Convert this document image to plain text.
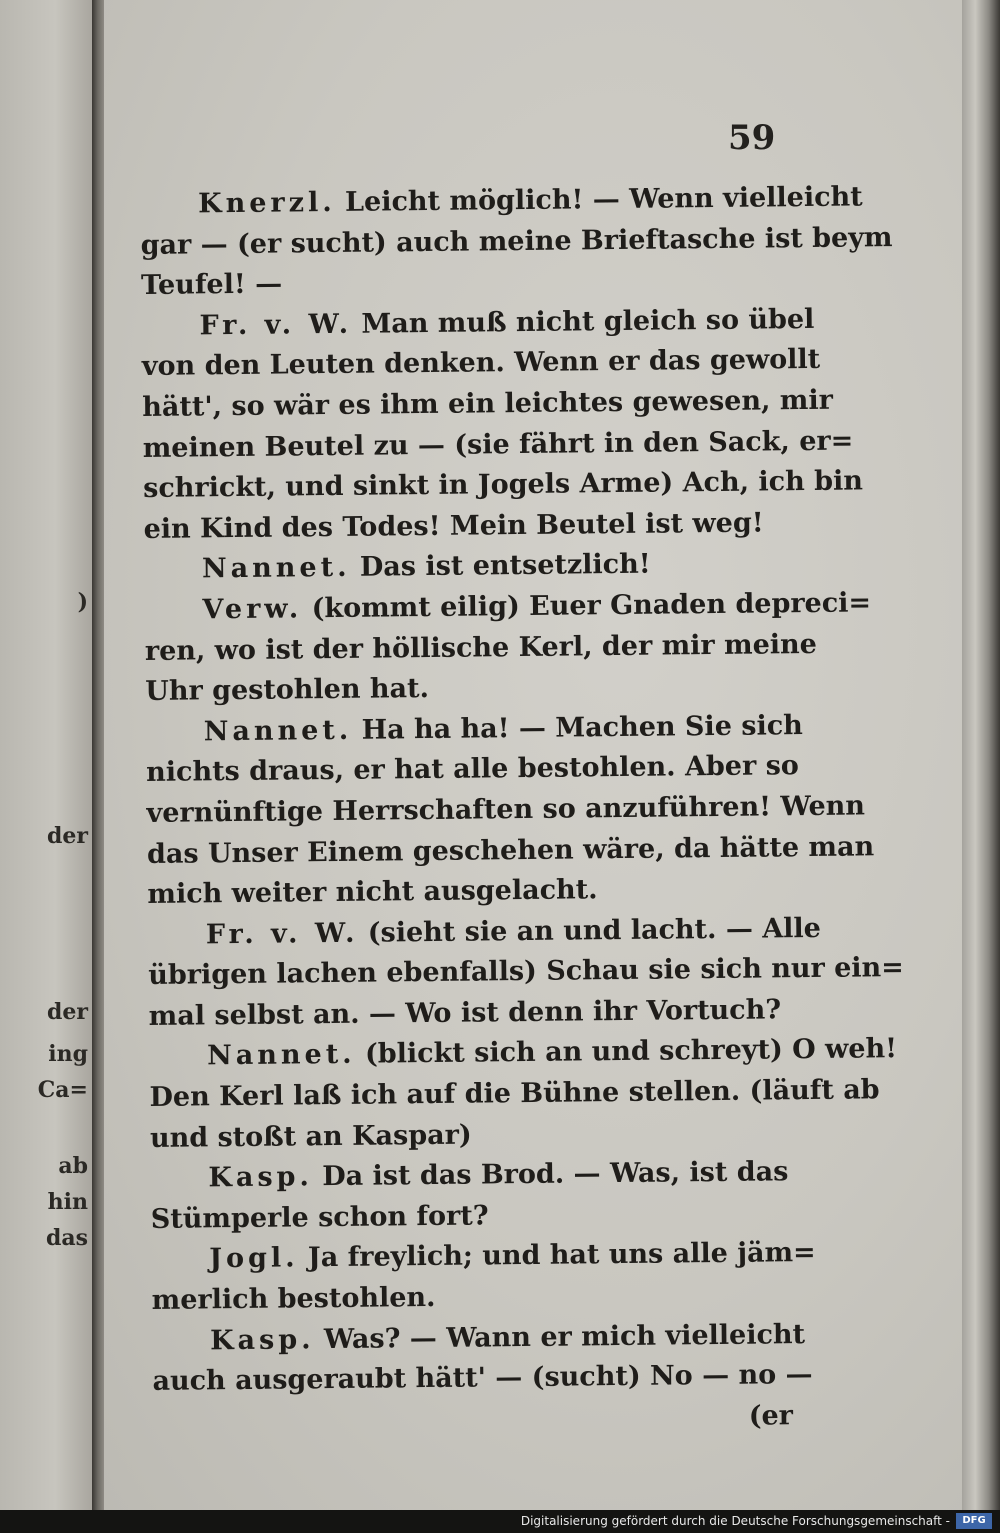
)
der
der
ing
Ca=
ab
hin
das
59
Knerzl. Leicht möglich! — Wenn vielleicht
gar — (er sucht) auch meine Brieftasche ist beym
Teufel! —
Fr. v. W. Man muß nicht gleich so übel
von den Leuten denken. Wenn er das gewollt
hätt', so wär es ihm ein leichtes gewesen, mir
meinen Beutel zu — (sie fährt in den Sack, er=
schrickt, und sinkt in Jogels Arme) Ach, ich bin
ein Kind des Todes! Mein Beutel ist weg!
Nannet. Das ist entsetzlich!
Verw. (kommt eilig) Euer Gnaden depreci=
ren, wo ist der höllische Kerl, der mir meine
Uhr gestohlen hat.
Nannet. Ha ha ha! — Machen Sie sich
nichts draus, er hat alle bestohlen. Aber so
vernünftige Herrschaften so anzuführen! Wenn
das Unser Einem geschehen wäre, da hätte man
mich weiter nicht ausgelacht.
Fr. v. W. (sieht sie an und lacht. — Alle
übrigen lachen ebenfalls) Schau sie sich nur ein=
mal selbst an. — Wo ist denn ihr Vortuch?
Nannet. (blickt sich an und schreyt) O weh!
Den Kerl laß ich auf die Bühne stellen. (läuft ab
und stoßt an Kaspar)
Kasp. Da ist das Brod. — Was, ist das
Stümperle schon fort?
Jogl. Ja freylich; und hat uns alle jäm=
merlich bestohlen.
Kasp. Was? — Wann er mich vielleicht
auch ausgeraubt hätt' — (sucht) No — no —
(er
Digitalisierung gefördert durch die Deutsche Forschungsgemeinschaft -	DFG
